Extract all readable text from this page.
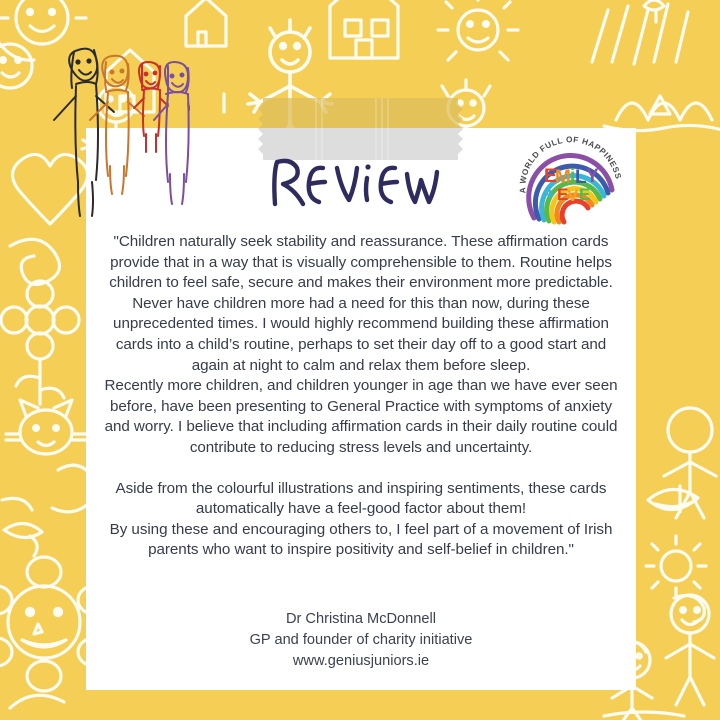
A WORLD FULL OF HAPPINESS
E
M i L Y
+ E
V E

"Children naturally seek stability and reassurance. These affirmation cards provide that in a way that is visually comprehensible to them. Routine helps children to feel safe, secure and makes their environment more predictable. Never have children more had a need for this than now, during these unprecedented times. I would highly recommend building these affirmation cards into a child’s routine, perhaps to set their day off to a good start and again at night to calm and relax them before sleep.

Recently more children, and children younger in age than we have ever seen before, have been presenting to General Practice with symptoms of anxiety and worry. I believe that including affirmation cards in their daily routine could contribute to reducing stress levels and uncertainty.

Aside from the colourful illustrations and inspiring sentiments, these cards automatically have a feel-good factor about them!

By using these and encouraging others to, I feel part of a movement of Irish parents who want to inspire positivity and self-belief in children."

Dr Christina McDonnell

GP and founder of charity initiative

www.geniusjuniors.ie
